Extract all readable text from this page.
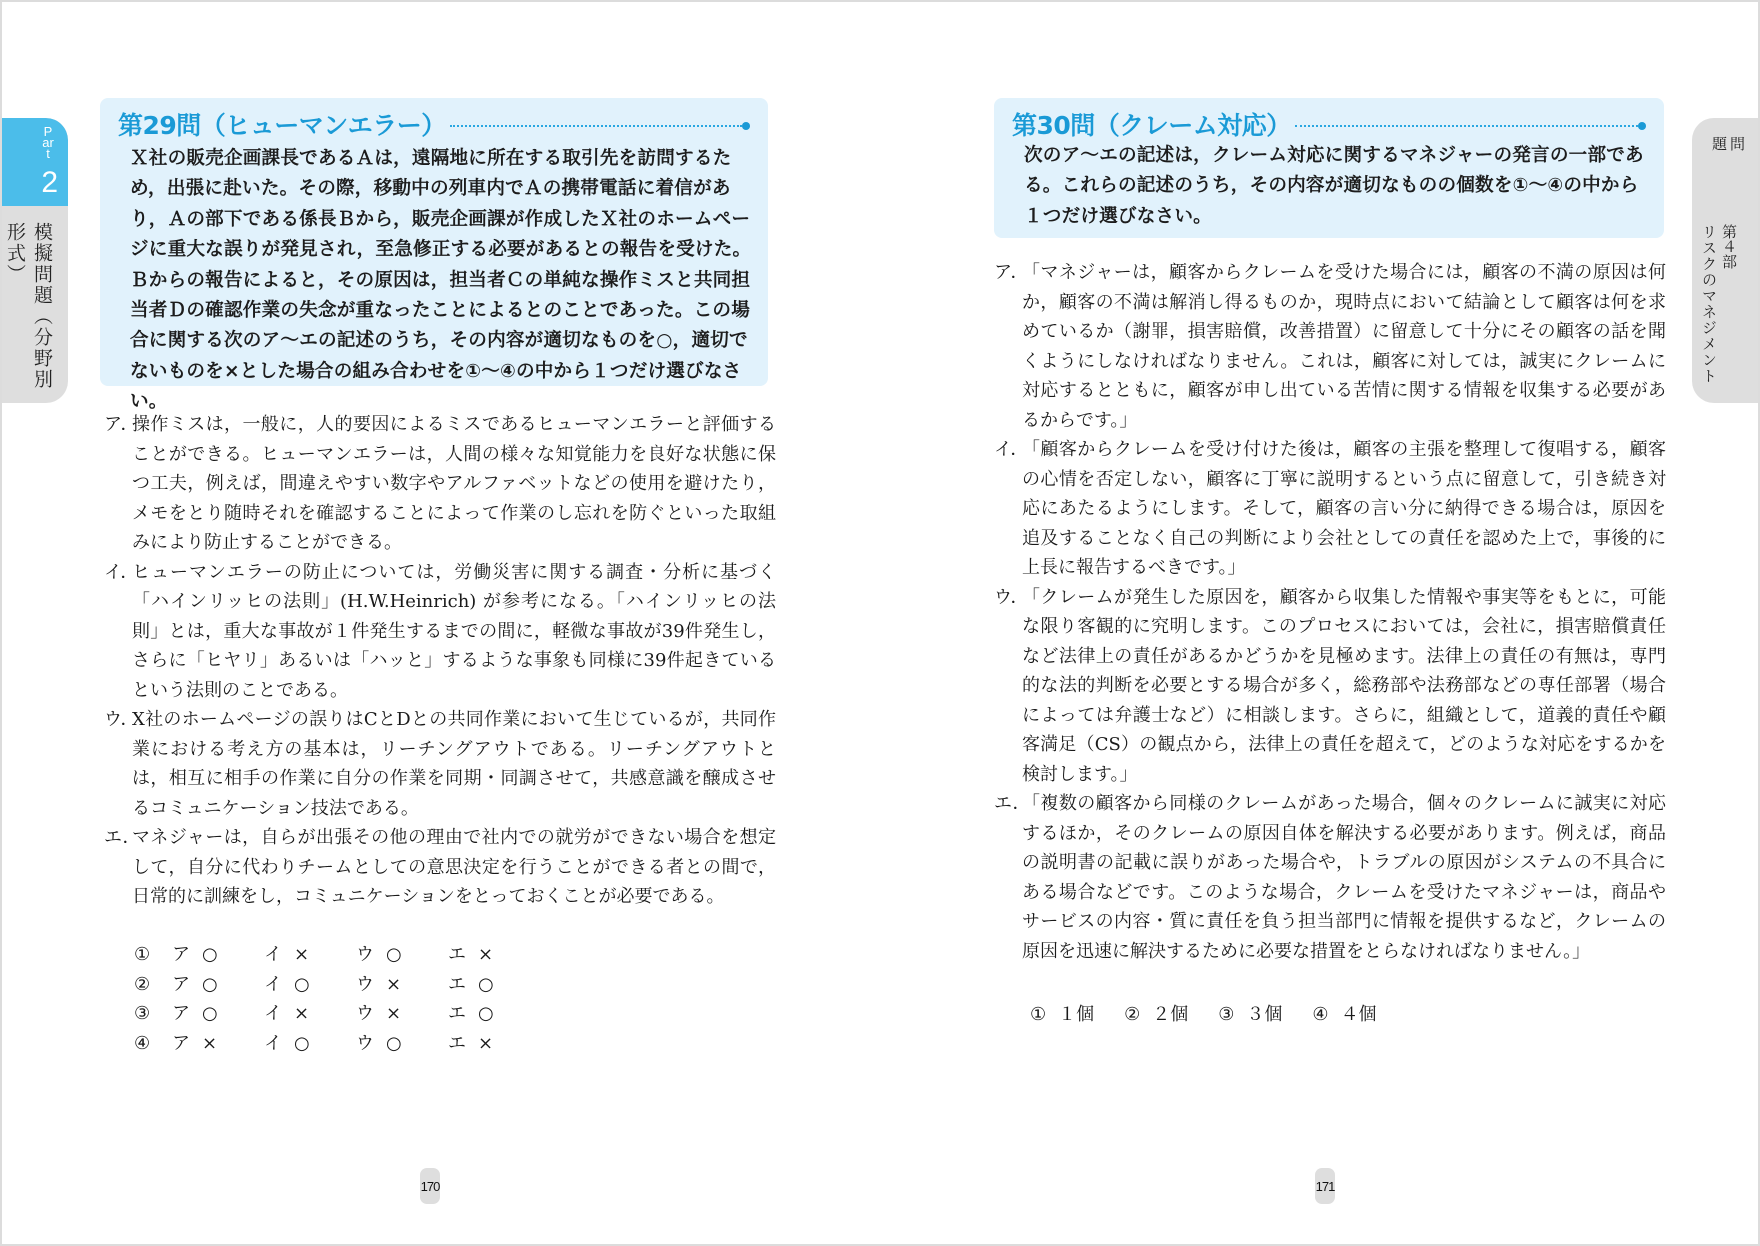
Part
2
模擬問題（分野別形式）
第29問（ヒューマンエラー）
Ｘ社の販売企画課長であるＡは，遠隔地に所在する取引先を訪問するため，出張に赴いた。その際，移動中の列車内でＡの携帯電話に着信があり，Ａの部下である係長Ｂから，販売企画課が作成したＸ社のホームページに重大な誤りが発見され，至急修正する必要があるとの報告を受けた。Ｂからの報告によると，その原因は，担当者Ｃの単純な操作ミスと共同担当者Ｄの確認作業の失念が重なったことによるとのことであった。この場合に関する次のア～エの記述のうち，その内容が適切なものを○，適切でないものを×とした場合の組み合わせを①～④の中から１つだけ選びなさい。
ア．
操作ミスは，一般に，人的要因によるミスであるヒューマンエラーと評価することができる。ヒューマンエラーは，人間の様々な知覚能力を良好な状態に保つ工夫，例えば，間違えやすい数字やアルファベットなどの使用を避けたり，メモをとり随時それを確認することによって作業のし忘れを防ぐといった取組みにより防止することができる。
イ．
ヒューマンエラーの防止については，労働災害に関する調査・分析に基づく「ハインリッヒの法則」(H.W.Heinrich) が参考になる。「ハインリッヒの法則」とは，重大な事故が１件発生するまでの間に，軽微な事故が39件発生し，さらに「ヒヤリ」あるいは「ハッと」するような事象も同様に39件起きているという法則のことである。
ウ．
X社のホームページの誤りはCとDとの共同作業において生じているが，共同作業における考え方の基本は，リーチングアウトである。リーチングアウトとは，相互に相手の作業に自分の作業を同期・同調させて，共感意識を醸成させるコミュニケーション技法である。
エ．
マネジャーは，自らが出張その他の理由で社内での就労ができない場合を想定して，自分に代わりチームとしての意思決定を行うことができる者との間で，日常的に訓練をし，コミュニケーションをとっておくことが必要である。
①	ア ○	イ ×	ウ ○	エ ×
②	ア ○	イ ○	ウ ×	エ ○
③	ア ○	イ ×	ウ ×	エ ○
④	ア ×	イ ○	ウ ○	エ ×
170
問
題
第４部
リスクのマネジメント
第30問（クレーム対応）
次のア～エの記述は，クレーム対応に関するマネジャーの発言の一部である。これらの記述のうち，その内容が適切なものの個数を①～④の中から１つだけ選びなさい。
ア．
「マネジャーは，顧客からクレームを受けた場合には，顧客の不満の原因は何か，顧客の不満は解消し得るものか，現時点において結論として顧客は何を求めているか（謝罪，損害賠償，改善措置）に留意して十分にその顧客の話を聞くようにしなければなりません。これは，顧客に対しては，誠実にクレームに対応するとともに，顧客が申し出ている苦情に関する情報を収集する必要があるからです。」
イ．
「顧客からクレームを受け付けた後は，顧客の主張を整理して復唱する，顧客の心情を否定しない，顧客に丁寧に説明するという点に留意して，引き続き対応にあたるようにします。そして，顧客の言い分に納得できる場合は，原因を追及することなく自己の判断により会社としての責任を認めた上で，事後的に上長に報告するべきです。」
ウ．
「クレームが発生した原因を，顧客から収集した情報や事実等をもとに，可能な限り客観的に究明します。このプロセスにおいては，会社に，損害賠償責任など法律上の責任があるかどうかを見極めます。法律上の責任の有無は，専門的な法的判断を必要とする場合が多く，総務部や法務部などの専任部署（場合によっては弁護士など）に相談します。さらに，組織として，道義的責任や顧客満足（CS）の観点から，法律上の責任を超えて，どのような対応をするかを検討します。」
エ．
「複数の顧客から同様のクレームがあった場合，個々のクレームに誠実に対応するほか，そのクレームの原因自体を解決する必要があります。例えば，商品の説明書の記載に誤りがあった場合や，トラブルの原因がシステムの不具合にある場合などです。このような場合，クレームを受けたマネジャーは，商品やサービスの内容・質に責任を負う担当部門に情報を提供するなど，クレームの原因を迅速に解決するために必要な措置をとらなければなりません。」
① １個 ② ２個 ③ ３個 ④ ４個
171
